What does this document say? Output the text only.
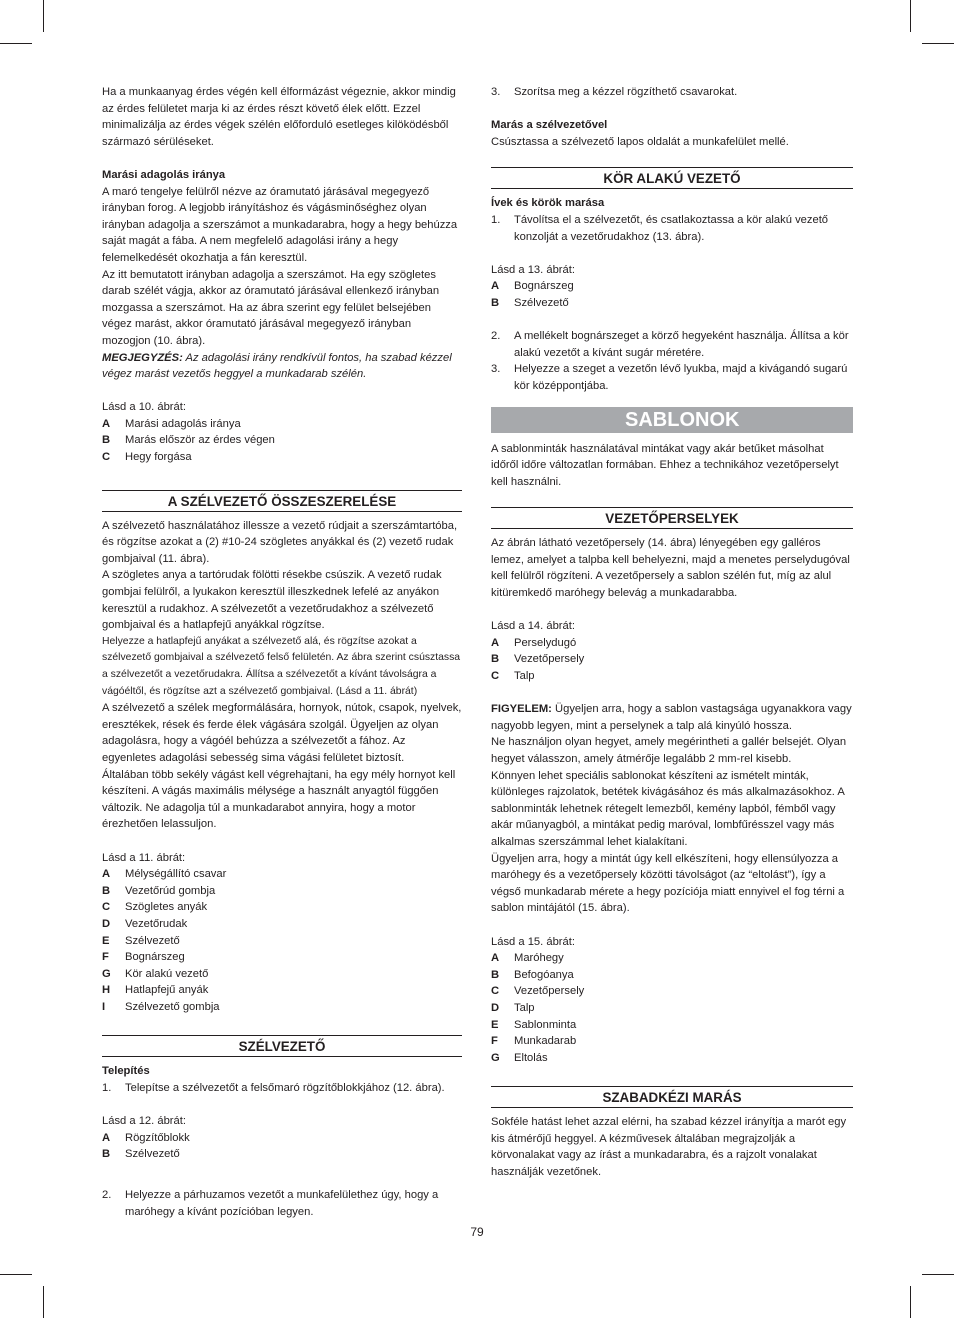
Ha a munkaanyag érdes végén kell élformázást végeznie, akkor mindig az érdes felületet marja ki az érdes részt követő élek előtt. Ezzel minimalizálja az érdes végek szélén előforduló esetleges kilöködésből származó sérüléseket.

Marási adagolás iránya

A maró tengelye felülről nézve az óramutató járásával megegyező irányban forog. A legjobb irányításhoz és vágásminőséghez olyan irányban adagolja a szerszámot a munkadarabra, hogy a hegy behúzza saját magát a fába. A nem megfelelő adagolási irány a hegy felemelkedését okozhatja a fán keresztül.

Az itt bemutatott irányban adagolja a szerszámot. Ha egy szögletes darab szélét vágja, akkor az óramutató járásával ellenkező irányban mozgassa a szerszámot. Ha az ábra szerint egy felület belsejében végez marást, akkor óramutató járásával megegyező irányban mozogjon (10. ábra).

MEGJEGYZÉS: Az adagolási irány rendkívül fontos, ha szabad kézzel végez marást vezetős heggyel a munkadarab szélén.

Lásd a 10. ábrát:

A	Marási adagolás iránya
B	Marás először az érdes végen
C	Hegy forgása
A SZÉLVEZETŐ ÖSSZESZERELÉSE

A szélvezető használatához illessze a vezető rúdjait a szerszámtartóba, és rögzítse azokat a (2) #10-24 szögletes anyákkal és (2) vezető rudak gombjaival (11. ábra).

A szögletes anya a tartórudak fölötti résekbe csúszik. A vezető rudak gombjai felülről, a lyukakon keresztül illeszkednek lefelé az anyákon keresztül a rudakhoz. A szélvezetőt a vezetőrudakhoz a szélvezető gombjaival és a hatlapfejű anyákkal rögzítse.

Helyezze a hatlapfejű anyákat a szélvezető alá, és rögzítse azokat a szélvezető gombjaival a szélvezető felső felületén. Az ábra szerint csúsztassa a szélvezetőt a vezetőrudakra. Állítsa a szélvezetőt a kívánt távolságra a vágóéltől, és rögzítse azt a szélvezető gombjaival. (Lásd a 11. ábrát)

A szélvezető a szélek megformálására, hornyok, nútok, csapok, nyelvek, eresztékek, rések és ferde élek vágására szolgál. Ügyeljen az olyan adagolásra, hogy a vágóél behúzza a szélvezetőt a fához. Az egyenletes adagolási sebesség sima vágási felületet biztosít.

Általában több sekély vágást kell végrehajtani, ha egy mély hornyot kell készíteni. A vágás maximális mélysége a használt anyagtól függően változik. Ne adagolja túl a munkadarabot annyira, hogy a motor érezhetően lelassuljon.

Lásd a 11. ábrát:

A	Mélységállító csavar
B	Vezetőrúd gombja
C	Szögletes anyák
D	Vezetőrudak
E	Szélvezető
F	Bognárszeg
G	Kör alakú vezető
H	Hatlapfejű anyák
I	Szélvezető gombja
SZÉLVEZETŐ

Telepítés

1.	Telepítse a szélvezetőt a felsőmaró rögzítőblokkjához (12. ábra).

Lásd a 12. ábrát:

A	Rögzítőblokk
B	Szélvezető
2.	Helyezze a párhuzamos vezetőt a munkafelülethez úgy, hogy a maróhegy a kívánt pozícióban legyen.
3.	Szorítsa meg a kézzel rögzíthető csavarokat.

Marás a szélvezetővel

Csúsztassa a szélvezető lapos oldalát a munkafelület mellé.

KÖR ALAKÚ VEZETŐ

Ívek és körök marása

1.	Távolítsa el a szélvezetőt, és csatlakoztassa a kör alakú vezető konzolját a vezetőrudakhoz (13. ábra).

Lásd a 13. ábrát:

A	Bognárszeg
B	Szélvezető
2.	A mellékelt bognárszeget a körző hegyeként használja. Állítsa a kör alakú vezetőt a kívánt sugár méretére.
3.	Helyezze a szeget a vezetőn lévő lyukba, majd a kivágandó sugarú kör középpontjába.
SABLONOK

A sablonminták használatával mintákat vagy akár betűket másolhat időről időre változatlan formában. Ehhez a technikához vezetőperselyt kell használni.

VEZETŐPERSELYEK

Az ábrán látható vezetőpersely (14. ábra) lényegében egy galléros lemez, amelyet a talpba kell behelyezni, majd a menetes perselydugóval kell felülről rögzíteni. A vezetőpersely a sablon szélén fut, míg az alul kitüremkedő maróhegy belevág a munkadarabba.

Lásd a 14. ábrát:

A	Perselydugó
B	Vezetőpersely
C	Talp

FIGYELEM: Ügyeljen arra, hogy a sablon vastagsága ugyanakkora vagy nagyobb legyen, mint a perselynek a talp alá kinyúló hossza.

Ne használjon olyan hegyet, amely megérintheti a gallér belsejét. Olyan hegyet válasszon, amely átmérője legalább 2 mm-rel kisebb.

Könnyen lehet speciális sablonokat készíteni az ismételt minták, különleges rajzolatok, betétek kivágásához és más alkalmazásokhoz. A sablonminták lehetnek rétegelt lemezből, kemény lapból, fémből vagy akár műanyagból, a mintákat pedig maróval, lombfűrésszel vagy más alkalmas szerszámmal lehet kialakítani.

Ügyeljen arra, hogy a mintát úgy kell elkészíteni, hogy ellensúlyozza a maróhegy és a vezetőpersely közötti távolságot (az “eltolást”), így a végső munkadarab mérete a hegy pozíciója miatt ennyivel el fog térni a sablon mintájától (15. ábra).

Lásd a 15. ábrát:

A	Maróhegy
B	Befogóanya
C	Vezetőpersely
D	Talp
E	Sablonminta
F	Munkadarab
G	Eltolás
SZABADKÉZI MARÁS

Sokféle hatást lehet azzal elérni, ha szabad kézzel irányítja a marót egy kis átmérőjű heggyel. A kézművesek általában megrajzolják a körvonalakat vagy az írást a munkadarabra, és a rajzolt vonalakat használják vezetőnek.

79
